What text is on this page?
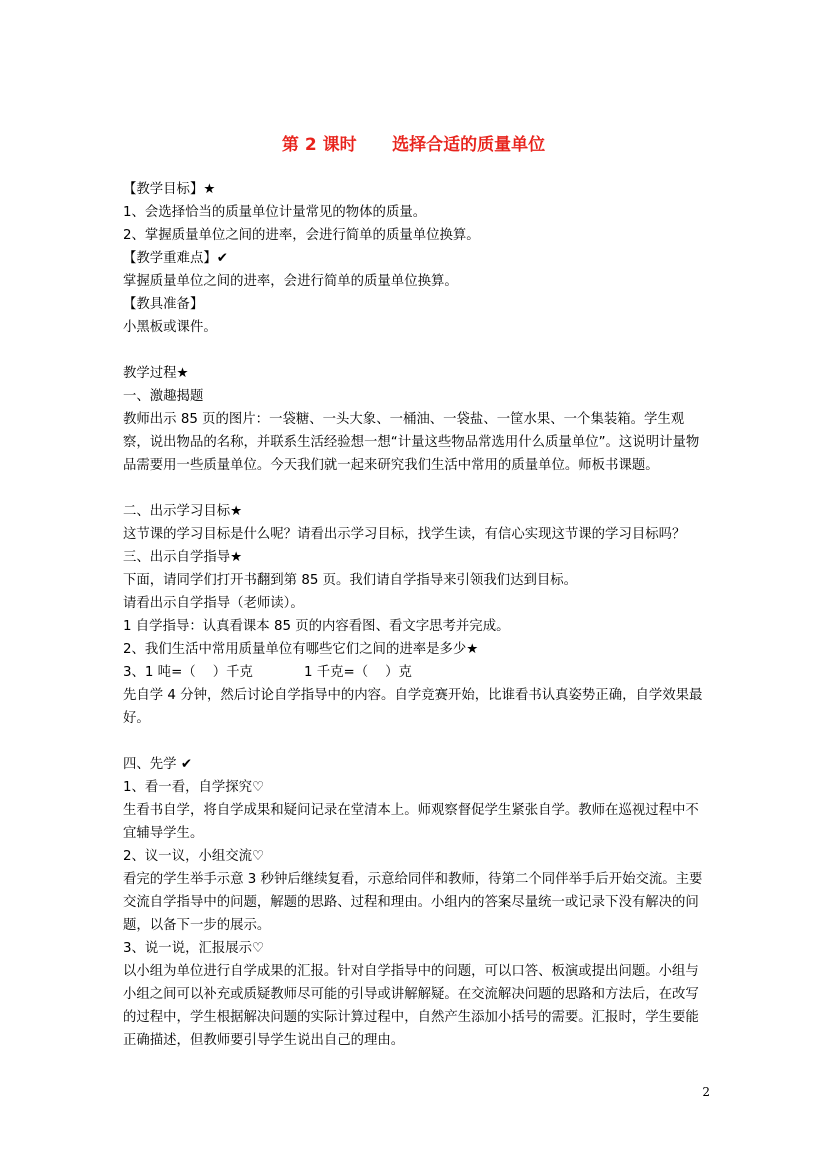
第 2 课时      选择合适的质量单位
【教学目标】★
1、会选择恰当的质量单位计量常见的物体的质量。
2、掌握质量单位之间的进率，会进行简单的质量单位换算。
【教学重难点】✔
掌握质量单位之间的进率，会进行简单的质量单位换算。
【教具准备】
小黑板或课件。
教学过程★
一、激趣揭题
教师出示 85 页的图片：一袋糖、一头大象、一桶油、一袋盐、一筐水果、一个集装箱。学生观察，说出物品的名称，并联系生活经验想一想“计量这些物品常选用什么质量单位”。这说明计量物品需要用一些质量单位。今天我们就一起来研究我们生活中常用的质量单位。师板书课题。
二、出示学习目标★
这节课的学习目标是什么呢？请看出示学习目标，找学生读，有信心实现这节课的学习目标吗？
三、出示自学指导★
下面，请同学们打开书翻到第 85 页。我们请自学指导来引领我们达到目标。
请看出示自学指导（老师读）。
1 自学指导：认真看课本 85 页的内容看图、看文字思考并完成。
2、我们生活中常用质量单位有哪些它们之间的进率是多少★
3、1 吨=（    ）千克            1 千克=（    ）克
先自学 4 分钟，然后讨论自学指导中的内容。自学竞赛开始，比谁看书认真姿势正确，自学效果最好。
四、先学 ✔
1、看一看，自学探究♡
生看书自学，将自学成果和疑问记录在堂清本上。师观察督促学生紧张自学。教师在巡视过程中不宜辅导学生。
2、议一议，小组交流♡
看完的学生举手示意 3 秒钟后继续复看，示意给同伴和教师，待第二个同伴举手后开始交流。主要交流自学指导中的问题，解题的思路、过程和理由。小组内的答案尽量统一或记录下没有解决的问题，以备下一步的展示。
3、说一说，汇报展示♡
以小组为单位进行自学成果的汇报。针对自学指导中的问题，可以口答、板演或提出问题。小组与小组之间可以补充或质疑教师尽可能的引导或讲解解疑。在交流解决问题的思路和方法后，在改写的过程中，学生根据解决问题的实际计算过程中，自然产生添加小括号的需要。汇报时，学生要能正确描述，但教师要引导学生说出自己的理由。
2
